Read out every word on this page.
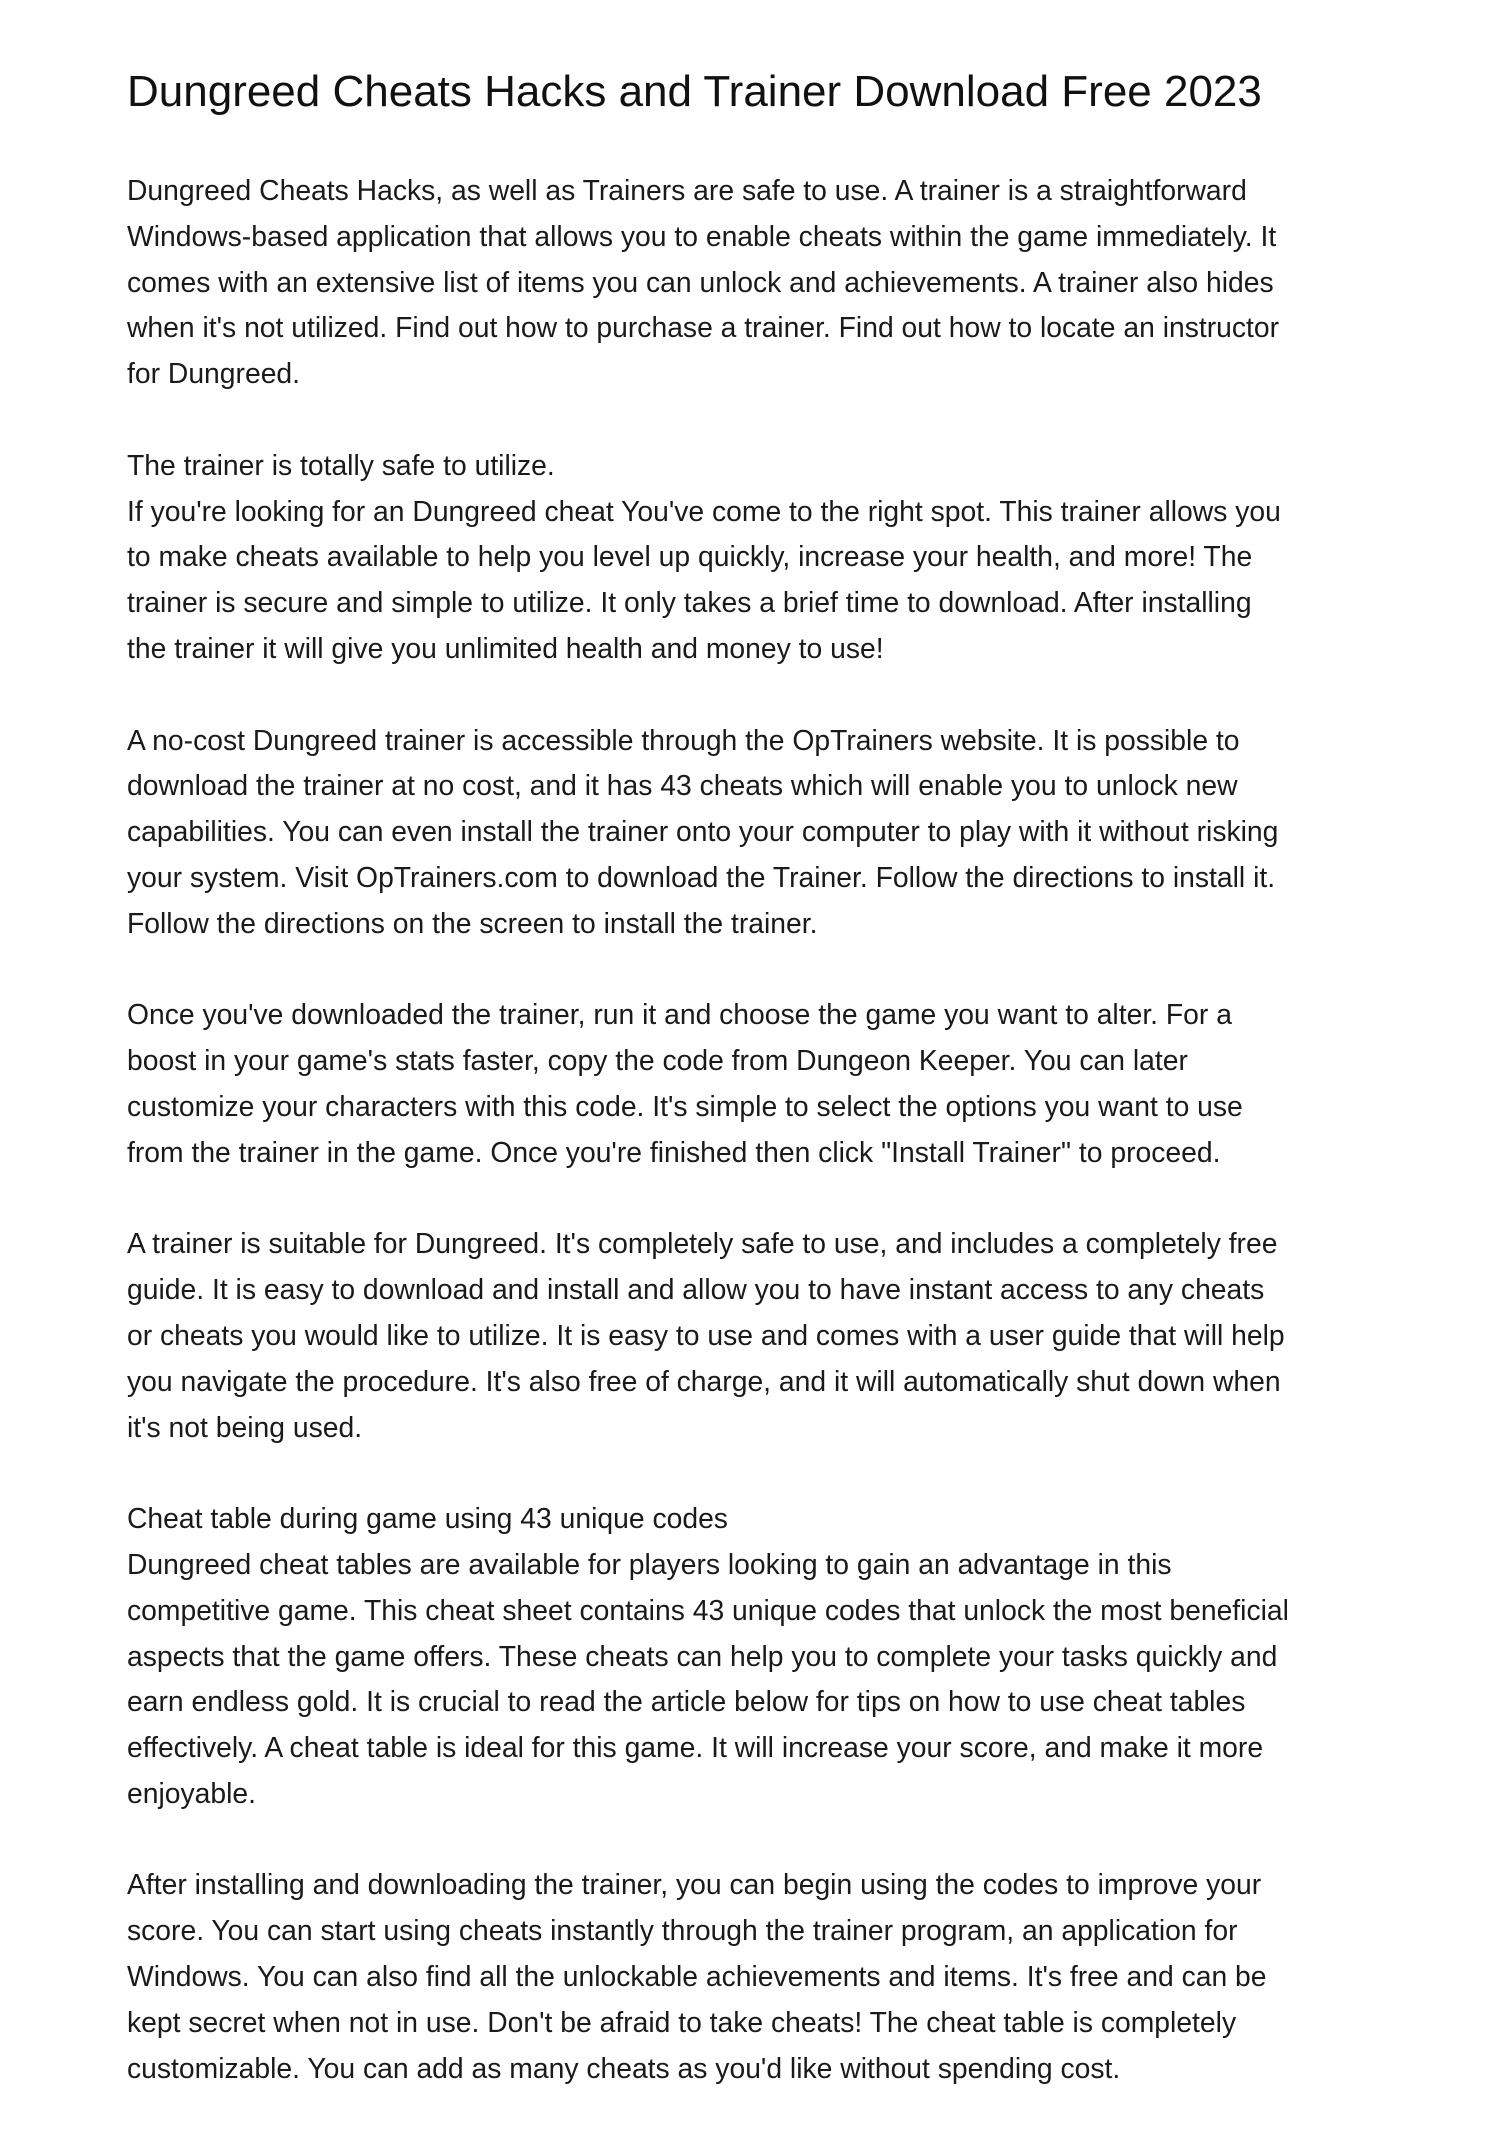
Dungreed Cheats Hacks and Trainer Download Free 2023

Dungreed Cheats Hacks, as well as Trainers are safe to use. A trainer is a straightforward
Windows-based application that allows you to enable cheats within the game immediately. It
comes with an extensive list of items you can unlock and achievements. A trainer also hides
when it's not utilized. Find out how to purchase a trainer. Find out how to locate an instructor
for Dungreed.

The trainer is totally safe to utilize.
If you're looking for an Dungreed cheat You've come to the right spot. This trainer allows you
to make cheats available to help you level up quickly, increase your health, and more! The
trainer is secure and simple to utilize. It only takes a brief time to download. After installing
the trainer it will give you unlimited health and money to use!

A no-cost Dungreed trainer is accessible through the OpTrainers website. It is possible to
download the trainer at no cost, and it has 43 cheats which will enable you to unlock new
capabilities. You can even install the trainer onto your computer to play with it without risking
your system. Visit OpTrainers.com to download the Trainer. Follow the directions to install it.
Follow the directions on the screen to install the trainer.

Once you've downloaded the trainer, run it and choose the game you want to alter. For a
boost in your game's stats faster, copy the code from Dungeon Keeper. You can later
customize your characters with this code. It's simple to select the options you want to use
from the trainer in the game. Once you're finished then click "Install Trainer" to proceed.

A trainer is suitable for Dungreed. It's completely safe to use, and includes a completely free
guide. It is easy to download and install and allow you to have instant access to any cheats
or cheats you would like to utilize. It is easy to use and comes with a user guide that will help
you navigate the procedure. It's also free of charge, and it will automatically shut down when
it's not being used.

Cheat table during game using 43 unique codes
Dungreed cheat tables are available for players looking to gain an advantage in this
competitive game. This cheat sheet contains 43 unique codes that unlock the most beneficial
aspects that the game offers. These cheats can help you to complete your tasks quickly and
earn endless gold. It is crucial to read the article below for tips on how to use cheat tables
effectively. A cheat table is ideal for this game. It will increase your score, and make it more
enjoyable.

After installing and downloading the trainer, you can begin using the codes to improve your
score. You can start using cheats instantly through the trainer program, an application for
Windows. You can also find all the unlockable achievements and items. It's free and can be
kept secret when not in use. Don't be afraid to take cheats! The cheat table is completely
customizable. You can add as many cheats as you'd like without spending cost.
